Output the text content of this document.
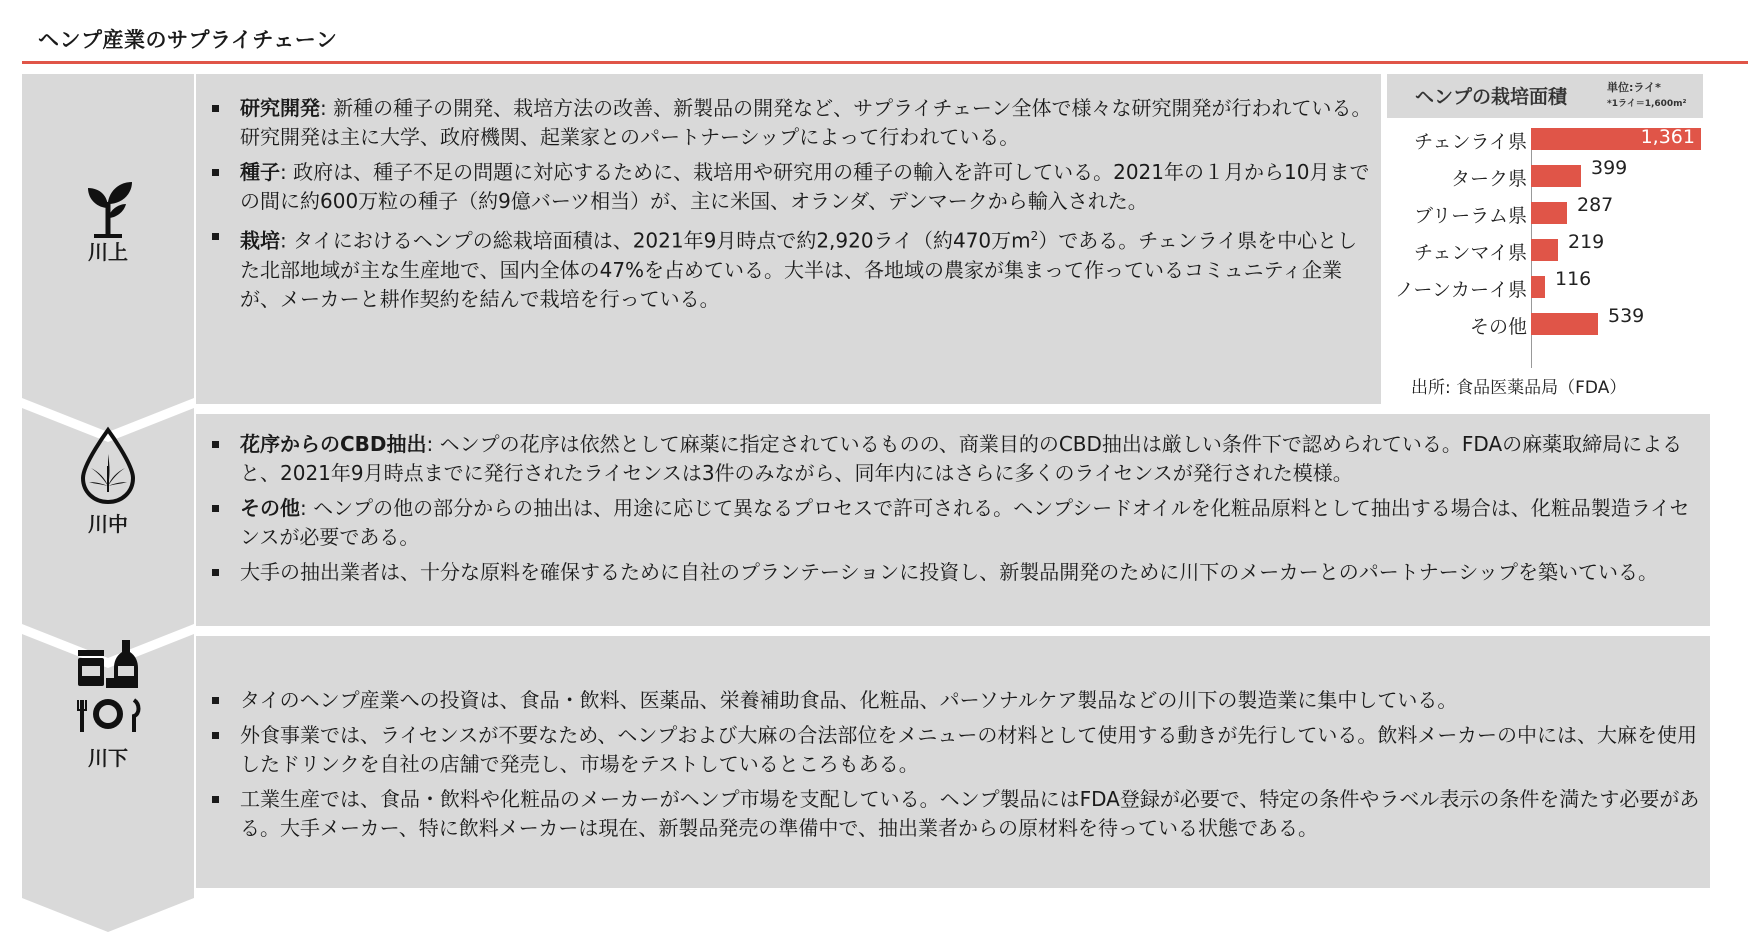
ヘンプ産業のサプライチェーン
川上
川中
川下
研究開発: 新種の種子の開発、栽培方法の改善、新製品の開発など、サプライチェーン全体で様々な研究開発が行われている。研究開発は主に大学、政府機関、起業家とのパートナーシップによって行われている。
種子: 政府は、種子不足の問題に対応するために、栽培用や研究用の種子の輸入を許可している。2021年の１月から10月までの間に約600万粒の種子（約9億バーツ相当）が、主に米国、オランダ、デンマークから輸入された。
栽培: タイにおけるヘンプの総栽培面積は、2021年9月時点で約2,920ライ（約470万$m^2$）である。チェンライ県を中心とした北部地域が主な生産地で、国内全体の47%を占めている。大半は、各地域の農家が集まって作っているコミュニティ企業が、メーカーと耕作契約を結んで栽培を行っている。
花序からのCBD抽出: ヘンプの花序は依然として麻薬に指定されているものの、商業目的のCBD抽出は厳しい条件下で認められている。FDAの麻薬取締局によると、2021年9月時点までに発行されたライセンスは3件のみながら、同年内にはさらに多くのライセンスが発行された模様。
その他: ヘンプの他の部分からの抽出は、用途に応じて異なるプロセスで許可される。ヘンプシードオイルを化粧品原料として抽出する場合は、化粧品製造ライセンスが必要である。
大手の抽出業者は、十分な原料を確保するために自社のプランテーションに投資し、新製品開発のために川下のメーカーとのパートナーシップを築いている。
タイのヘンプ産業への投資は、食品・飲料、医薬品、栄養補助食品、化粧品、パーソナルケア製品などの川下の製造業に集中している。
外食事業では、ライセンスが不要なため、ヘンプおよび大麻の合法部位をメニューの材料として使用する動きが先行している。飲料メーカーの中には、大麻を使用したドリンクを自社の店舗で発売し、市場をテストしているところもある。
工業生産では、食品・飲料や化粧品のメーカーがヘンプ市場を支配している。ヘンプ製品にはFDA登録が必要で、特定の条件やラベル表示の条件を満たす必要がある。大手メーカー、特に飲料メーカーは現在、新製品発売の準備中で、抽出業者からの原材料を待っている状態である。
ヘンプの栽培面積	単位:ライ*
*1ライ＝1,600m²
出所: 食品医薬品局（FDA）
チェンライ県	1,361
ターク県	399
ブリーラム県	287
チェンマイ県 219
ノーンカーイ県 116
その他	539
